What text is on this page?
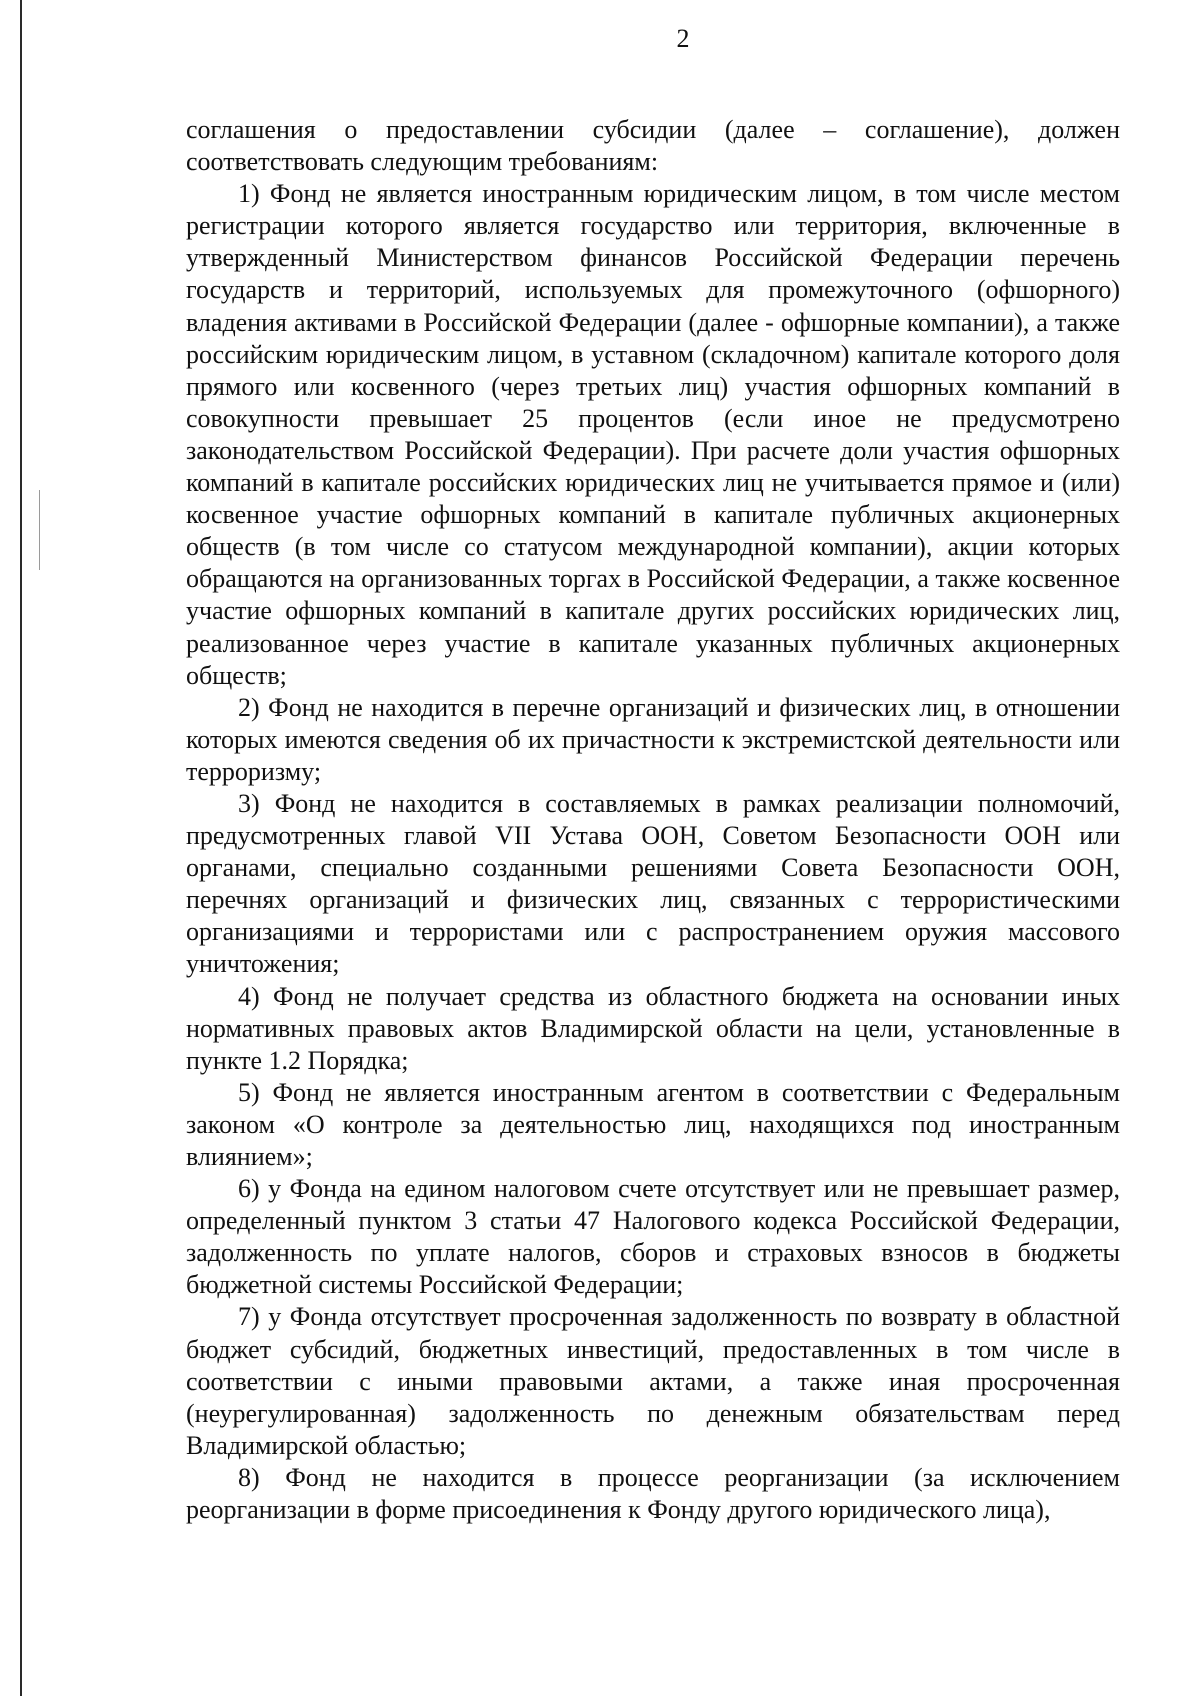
2

соглашения о предоставлении субсидии (далее – соглашение), должен соответствовать следующим требованиям:

1) Фонд не является иностранным юридическим лицом, в том числе местом регистрации которого является государство или территория, включенные в утвержденный Министерством финансов Российской Федерации перечень государств и территорий, используемых для промежуточного (офшорного) владения активами в Российской Федерации (далее - офшорные компании), а также российским юридическим лицом, в уставном (складочном) капитале которого доля прямого или косвенного (через третьих лиц) участия офшорных компаний в совокупности превышает 25 процентов (если иное не предусмотрено законодательством Российской Федерации). При расчете доли участия офшорных компаний в капитале российских юридических лиц не учитывается прямое и (или) косвенное участие офшорных компаний в капитале публичных акционерных обществ (в том числе со статусом международной компании), акции которых обращаются на организованных торгах в Российской Федерации, а также косвенное участие офшорных компаний в капитале других российских юридических лиц, реализованное через участие в капитале указанных публичных акционерных обществ;

2) Фонд не находится в перечне организаций и физических лиц, в отношении которых имеются сведения об их причастности к экстремистской деятельности или терроризму;

3) Фонд не находится в составляемых в рамках реализации полномочий, предусмотренных главой VII Устава ООН, Советом Безопасности ООН или органами, специально созданными решениями Совета Безопасности ООН, перечнях организаций и физических лиц, связанных с террористическими организациями и террористами или с распространением оружия массового уничтожения;

4) Фонд не получает средства из областного бюджета на основании иных нормативных правовых актов Владимирской области на цели, установленные в пункте 1.2 Порядка;

5) Фонд не является иностранным агентом в соответствии с Федеральным законом «О контроле за деятельностью лиц, находящихся под иностранным влиянием»;

6) у Фонда на едином налоговом счете отсутствует или не превышает размер, определенный пунктом 3 статьи 47 Налогового кодекса Российской Федерации, задолженность по уплате налогов, сборов и страховых взносов в бюджеты бюджетной системы Российской Федерации;

7) у Фонда отсутствует просроченная задолженность по возврату в областной бюджет субсидий, бюджетных инвестиций, предоставленных в том числе в соответствии с иными правовыми актами, а также иная просроченная (неурегулированная) задолженность по денежным обязательствам перед Владимирской областью;

8) Фонд не находится в процессе реорганизации (за исключением реорганизации в форме присоединения к Фонду другого юридического лица),
